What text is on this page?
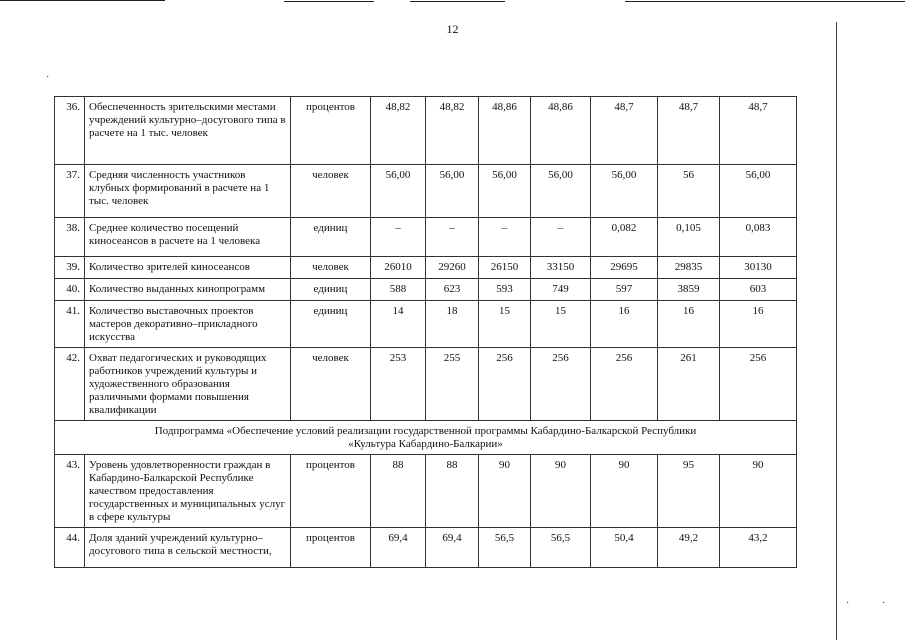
·
·	·
12
36.	Обеспеченность зрительскими местами учреждений культурно–досугового типа в расчете на 1 тыс. человек	процентов	48,82	48,82	48,86	48,86	48,7	48,7	48,7
37.	Средняя численность участников клубных формирований в расчете на 1 тыс. человек	человек	56,00	56,00	56,00	56,00	56,00	56	56,00
38.	Среднее количество посещений киносеансов в расчете на 1 человека	единиц	–	–	–	–	0,082	0,105	0,083
39.	Количество зрителей киносеансов	человек	26010	29260	26150	33150	29695	29835	30130
40.	Количество выданных кинопрограмм	единиц	588	623	593	749	597	3859	603
41.	Количество выставочных проектов мастеров декоративно–прикладного искусства	единиц	14	18	15	15	16	16	16
42.	Охват педагогических и руководящих работников учреждений культуры и художественного образования различными формами повышения квалификации	человек	253	255	256	256	256	261	256
Подпрограмма «Обеспечение условий реализации государственной программы Кабардино-Балкарской Республики
«Культура Кабардино-Балкарии»									
43.	Уровень удовлетворенности граждан в Кабардино-Балкарской Республике качеством предоставления государственных и муниципальных услуг в сфере культуры	процентов	88	88	90	90	90	95	90
44.	Доля зданий учреждений культурно–досугового типа в сельской местности,	процентов	69,4	69,4	56,5	56,5	50,4	49,2	43,2
